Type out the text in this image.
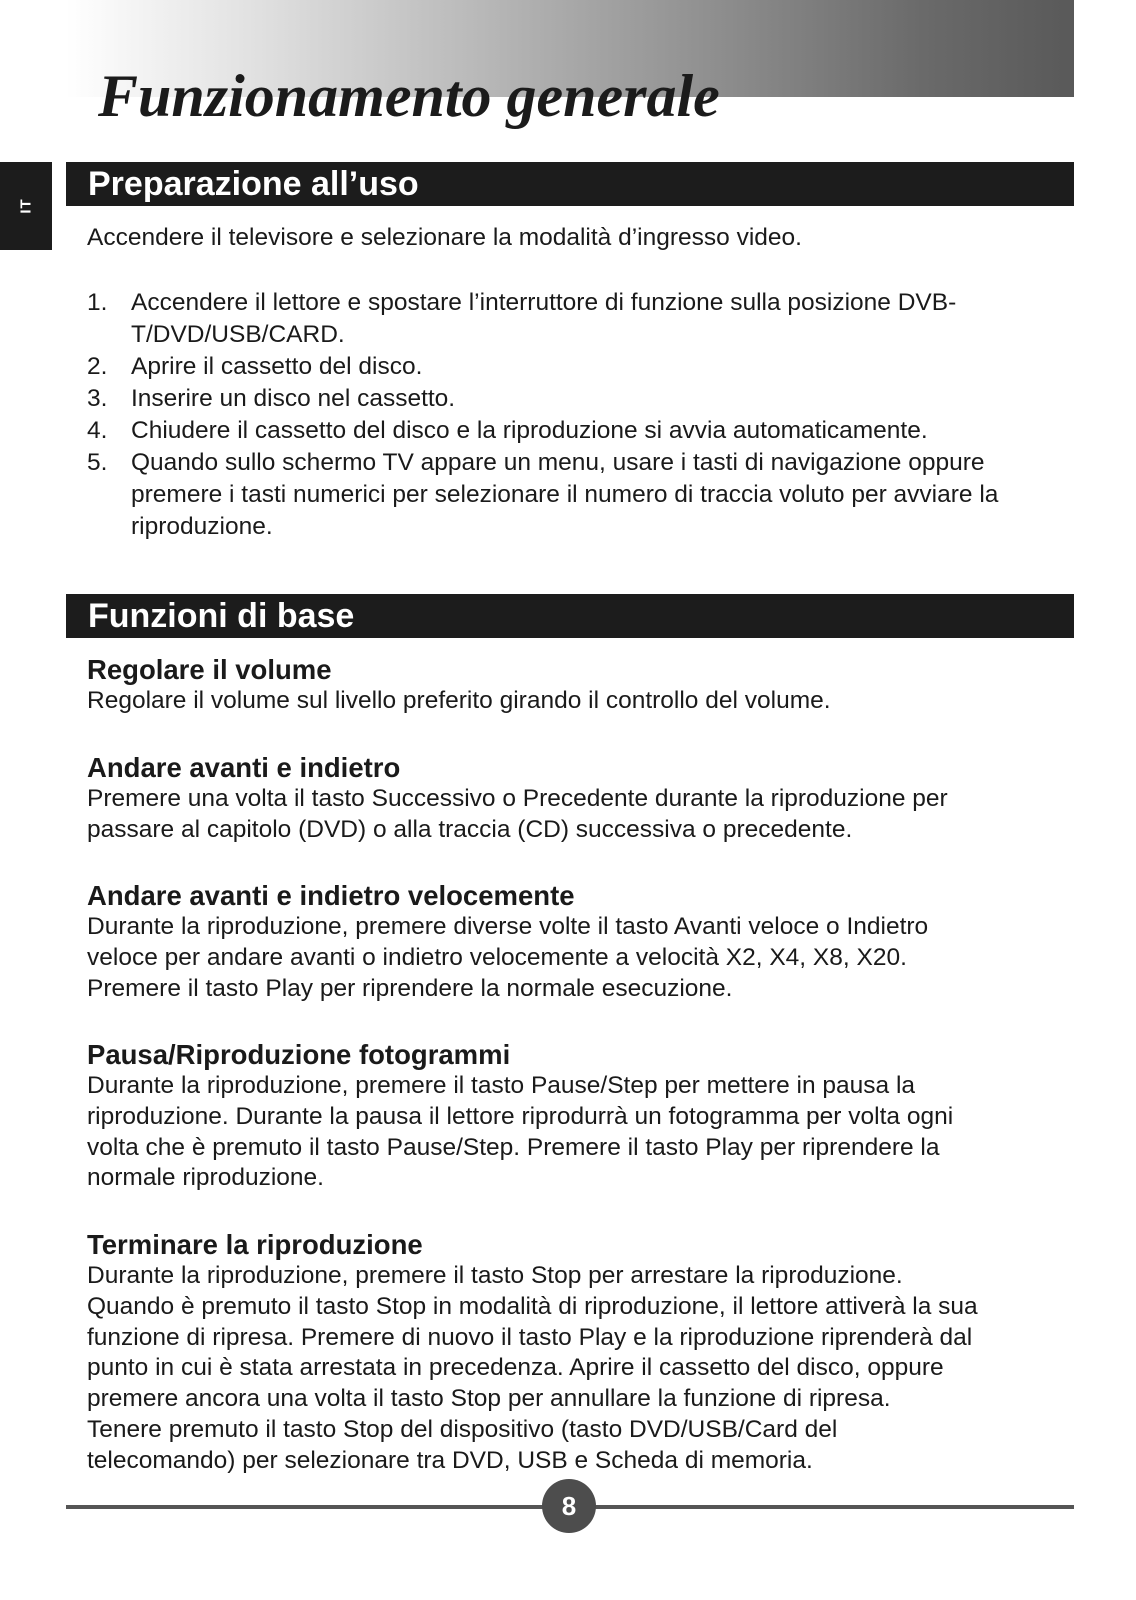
Funzionamento generale
IT
Preparazione all’uso

Accendere il televisore e selezionare la modalità d’ingresso video.

1. Accendere il lettore e spostare l’interruttore di funzione sulla posizione DVB-T/DVD/USB/CARD.
2. Aprire il cassetto del disco.
3. Inserire un disco nel cassetto.
4. Chiudere il cassetto del disco e la riproduzione si avvia automaticamente.
5. Quando sullo schermo TV appare un menu, usare i tasti di navigazione oppure premere i tasti numerici per selezionare il numero di traccia voluto per avviare la riproduzione.
Funzioni di base
Regolare il volume

Regolare il volume sul livello preferito girando il controllo del volume.

Andare avanti e indietro

Premere una volta il tasto Successivo o Precedente durante la riproduzione per
passare al capitolo (DVD) o alla traccia (CD) successiva o precedente.

Andare avanti e indietro velocemente

Durante la riproduzione, premere diverse volte il tasto Avanti veloce o Indietro
veloce per andare avanti o indietro velocemente a velocità X2, X4, X8, X20.
Premere il tasto Play per riprendere la normale esecuzione.

Pausa/Riproduzione fotogrammi

Durante la riproduzione, premere il tasto Pause/Step per mettere in pausa la
riproduzione. Durante la pausa il lettore riprodurrà un fotogramma per volta ogni
volta che è premuto il tasto Pause/Step. Premere il tasto Play per riprendere la
normale riproduzione.

Terminare la riproduzione

Durante la riproduzione, premere il tasto Stop per arrestare la riproduzione.
Quando è premuto il tasto Stop in modalità di riproduzione, il lettore attiverà la sua
funzione di ripresa. Premere di nuovo il tasto Play e la riproduzione riprenderà dal
punto in cui è stata arrestata in precedenza. Aprire il cassetto del disco, oppure
premere ancora una volta il tasto Stop per annullare la funzione di ripresa.
Tenere premuto il tasto Stop del dispositivo (tasto DVD/USB/Card del
telecomando) per selezionare tra DVD, USB e Scheda di memoria.

8
